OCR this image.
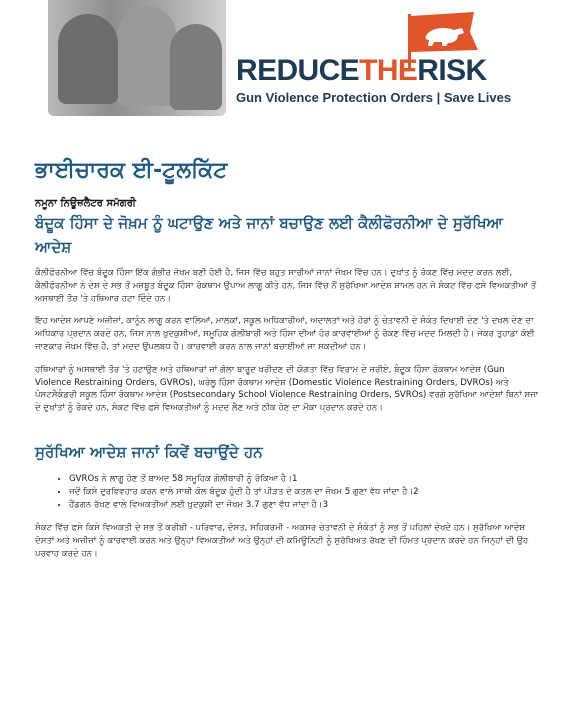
REDUCETHERISK
Gun Violence Protection Orders | Save Lives
ਭਾਈਚਾਰਕ ਈ-ਟੂਲਕਿੱਟ
ਨਮੂਨਾ ਨਿਊਜ਼ਲੈਟਰ ਸਮੱਗਰੀ
ਬੰਦੂਕ ਹਿੰਸਾ ਦੇ ਜੋਖ਼ਮ ਨੂੰ ਘਟਾਉਣ ਅਤੇ ਜਾਨਾਂ ਬਚਾਉਣ ਲਈ ਕੈਲੀਫੋਰਨੀਆ ਦੇ ਸੁਰੱਖਿਆ ਆਦੇਸ਼

ਕੈਲੀਫੋਰਨੀਆ ਵਿੱਚ ਬੰਦੂਕ ਹਿੰਸਾ ਇੱਕ ਗੰਭੀਰ ਜੋਖਮ ਬਣੀ ਹੋਈ ਹੈ, ਜਿਸ ਵਿੱਚ ਬਹੁਤ ਸਾਰੀਆਂ ਜਾਨਾਂ ਜੋਖਮ ਵਿੱਚ ਹਨ। ਦੁਖਾਂਤ ਨੂੰ ਰੋਕਣ ਵਿੱਚ ਮਦਦ ਕਰਨ ਲਈ, ਕੈਲੀਫੋਰਨੀਆ ਨੇ ਦੇਸ਼ ਦੇ ਸਭ ਤੋਂ ਮਜ਼ਬੂਤ ਬੰਦੂਕ ਹਿੰਸਾ ਰੋਕਥਾਮ ਉਪਾਅ ਲਾਗੂ ਕੀਤੇ ਹਨ, ਜਿਸ ਵਿੱਚ ਨੌਂ ਸੁਰੱਖਿਆ ਆਦੇਸ਼ ਸ਼ਾਮਲ ਹਨ ਜੋ ਸੰਕਟ ਵਿੱਚ ਫਸੇ ਵਿਅਕਤੀਆਂ ਤੋਂ ਅਸਥਾਈ ਤੌਰ 'ਤੇ ਹਥਿਆਰ ਹਟਾ ਦਿੰਦੇ ਹਨ।

ਇਹ ਆਦੇਸ਼ ਆਪਣੇ ਅਜ਼ੀਜ਼ਾਂ, ਕਾਨੂੰਨ ਲਾਗੂ ਕਰਨ ਵਾਲਿਆਂ, ਮਾਲਕਾਂ, ਸਕੂਲ ਅਧਿਕਾਰੀਆਂ, ਅਦਾਲਤਾਂ ਅਤੇ ਹੋਰਾਂ ਨੂੰ ਚੇਤਾਵਨੀ ਦੇ ਸੰਕੇਤ ਦਿਖਾਈ ਦੇਣ 'ਤੇ ਦਖਲ ਦੇਣ ਦਾ ਅਧਿਕਾਰ ਪ੍ਰਦਾਨ ਕਰਦੇ ਹਨ, ਜਿਸ ਨਾਲ ਖ਼ੁਦਕੁਸ਼ੀਆਂ, ਸਮੂਹਿਕ ਗੋਲੀਬਾਰੀ ਅਤੇ ਹਿੰਸਾ ਦੀਆਂ ਹੋਰ ਕਾਰਵਾਈਆਂ ਨੂੰ ਰੋਕਣ ਵਿੱਚ ਮਦਦ ਮਿਲਦੀ ਹੈ। ਜੇਕਰ ਤੁਹਾਡਾ ਕੋਈ ਜਾਣਕਾਰ ਜੋਖਮ ਵਿੱਚ ਹੈ, ਤਾਂ ਮਦਦ ਉਪਲਬਧ ਹੈ। ਕਾਰਵਾਈ ਕਰਨ ਨਾਲ ਜਾਨਾਂ ਬਚਾਈਆਂ ਜਾ ਸਕਦੀਆਂ ਹਨ।

ਹਥਿਆਰਾਂ ਨੂੰ ਅਸਥਾਈ ਤੌਰ 'ਤੇ ਹਟਾਉਣ ਅਤੇ ਹਥਿਆਰਾਂ ਜਾਂ ਗੋਲਾ ਬਾਰੂਦ ਖਰੀਦਣ ਦੀ ਯੋਗਤਾ ਵਿੱਚ ਵਿਰਾਮ ਦੇ ਜ਼ਰੀਏ, ਬੰਦੂਕ ਹਿੰਸਾ ਰੋਕਥਾਮ ਆਦੇਸ਼ (Gun Violence Restraining Orders, GVROs), ਘਰੇਲੂ ਹਿੰਸਾ ਰੋਕਥਾਮ ਆਦੇਸ਼ (Domestic Violence Restraining Orders, DVROs) ਅਤੇ ਪੋਸਟਸੈਕੰਡਰੀ ਸਕੂਲ ਹਿੰਸਾ ਰੋਕਥਾਮ ਆਦੇਸ਼ (Postsecondary School Violence Restraining Orders, SVROs) ਵਰਗੇ ਸੁਰੱਖਿਆ ਆਦੇਸ਼ਾਂ ਬਿਨਾਂ ਸਜ਼ਾ ਦੇ ਦੁਖਾਂਤਾਂ ਨੂੰ ਰੋਕਦੇ ਹਨ, ਸੰਕਟ ਵਿੱਚ ਫਸੇ ਵਿਅਕਤੀਆਂ ਨੂੰ ਮਦਦ ਲੈਣ ਅਤੇ ਠੀਕ ਹੋਣ ਦਾ ਮੌਕਾ ਪ੍ਰਦਾਨ ਕਰਦੇ ਹਨ।

ਸੁਰੱਖਿਆ ਆਦੇਸ਼ ਜਾਨਾਂ ਕਿਵੇਂ ਬਚਾਉਂਦੇ ਹਨ
• GVROs ਨੇ ਲਾਗੂ ਹੋਣ ਤੋਂ ਬਾਅਦ 58 ਸਮੂਹਿਕ ਗੋਲੀਬਾਰੀ ਨੂੰ ਰੋਕਿਆ ਹੈ।1
• ਜਦੋਂ ਕਿਸੇ ਦੁਰਵਿਵਹਾਰ ਕਰਨ ਵਾਲੇ ਸਾਥੀ ਕੋਲ ਬੰਦੂਕ ਹੁੰਦੀ ਹੈ ਤਾਂ ਪੀੜਤ ਦੇ ਕਤਲ ਦਾ ਜੋਖਮ 5 ਗੁਣਾ ਵੱਧ ਜਾਂਦਾ ਹੈ।2
• ਹੈਂਡਗਨ ਰੱਖਣ ਵਾਲੇ ਵਿਅਕਤੀਆਂ ਲਈ ਖ਼ੁਦਕੁਸ਼ੀ ਦਾ ਜੋਖਮ 3.7 ਗੁਣਾ ਵੱਧ ਜਾਂਦਾ ਹੈ।3

ਸੰਕਟ ਵਿੱਚ ਫਸੇ ਕਿਸੇ ਵਿਅਕਤੀ ਦੇ ਸਭ ਤੋਂ ਕਰੀਬੀ - ਪਰਿਵਾਰ, ਦੋਸਤ, ਸਹਿਕਰਮੀ - ਅਕਸਰ ਚੇਤਾਵਨੀ ਦੇ ਸੰਕੇਤਾਂ ਨੂੰ ਸਭ ਤੋਂ ਪਹਿਲਾਂ ਦੇਖਦੇ ਹਨ। ਸੁਰੱਖਿਆ ਆਦੇਸ਼ ਦੋਸਤਾਂ ਅਤੇ ਅਜ਼ੀਜ਼ਾਂ ਨੂੰ ਕਾਰਵਾਈ ਕਰਨ ਅਤੇ ਉਨ੍ਹਾਂ ਵਿਅਕਤੀਆਂ ਅਤੇ ਉਨ੍ਹਾਂ ਦੀ ਕਮਿਊਨਿਟੀ ਨੂੰ ਸੁਰੱਖਿਅਤ ਰੱਖਣ ਦੀ ਹਿੰਮਤ ਪ੍ਰਦਾਨ ਕਰਦੇ ਹਨ ਜਿਨ੍ਹਾਂ ਦੀ ਉਹ ਪਰਵਾਹ ਕਰਦੇ ਹਨ।
